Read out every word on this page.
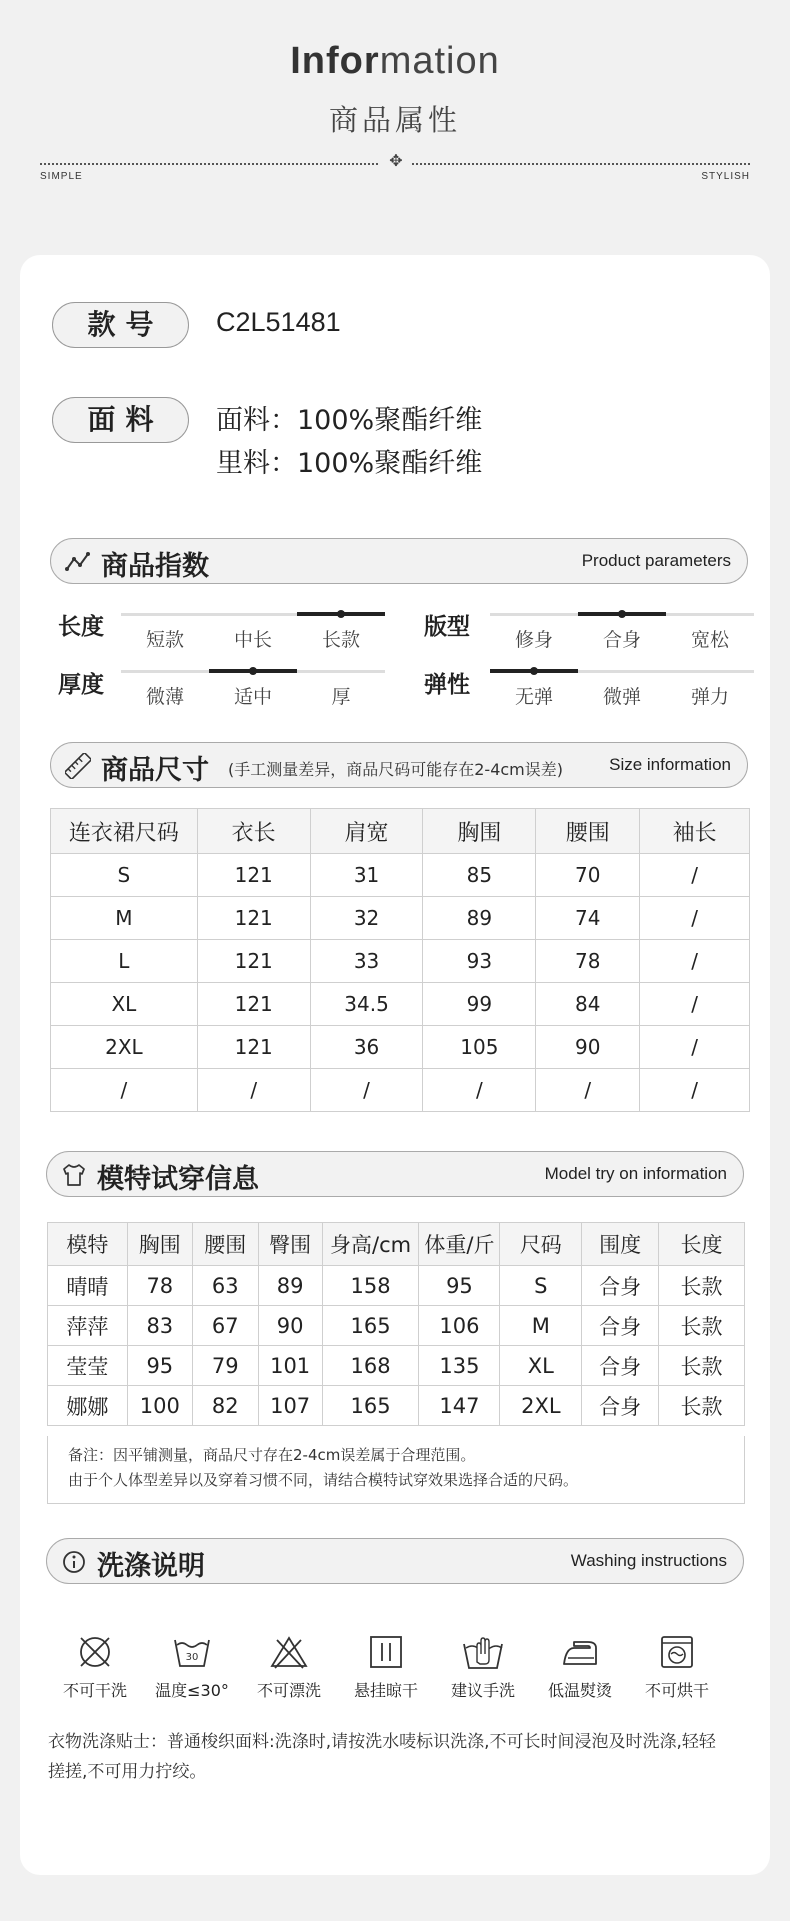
Information
商品属性
✥
SIMPLE	STYLISH
款号	C2L51481
面料	面料：100%聚酯纤维
里料：100%聚酯纤维
商品指数	Product parameters
长度	短款	中长	长款	版型	修身	合身	宽松
厚度	微薄	适中	厚	弹性	无弹	微弹	弹力
商品尺寸 (手工测量差异，商品尺码可能存在2-4cm误差)	Size information
连衣裙尺码	衣长	肩宽	胸围	腰围	袖长
S	121	31	85	70	/
M	121	32	89	74	/
L	121	33	93	78	/
XL	121	34.5	99	84	/
2XL	121	36	105	90	/
/	/	/	/	/	/
模特试穿信息	Model try on information
模特	胸围	腰围	臀围	身高/cm	体重/斤	尺码	围度	长度
晴晴	78	63	89	158	95	S	合身	长款
萍萍	83	67	90	165	106	M	合身	长款
莹莹	95	79	101	168	135	XL	合身	长款
娜娜	100	82	107	165	147	2XL	合身	长款
备注：因平铺测量，商品尺寸存在2-4cm误差属于合理范围。
由于个人体型差异以及穿着习惯不同，请结合模特试穿效果选择合适的尺码。
洗涤说明	Washing instructions
不可干洗
30
温度≤30°	不可漂洗	悬挂晾干	建议手洗	低温熨烫	不可烘干
衣物洗涤贴士：普通梭织面料:洗涤时,请按洗水唛标识洗涤,不可长时间浸泡及时洗涤,轻轻
搓搓,不可用力拧绞。
